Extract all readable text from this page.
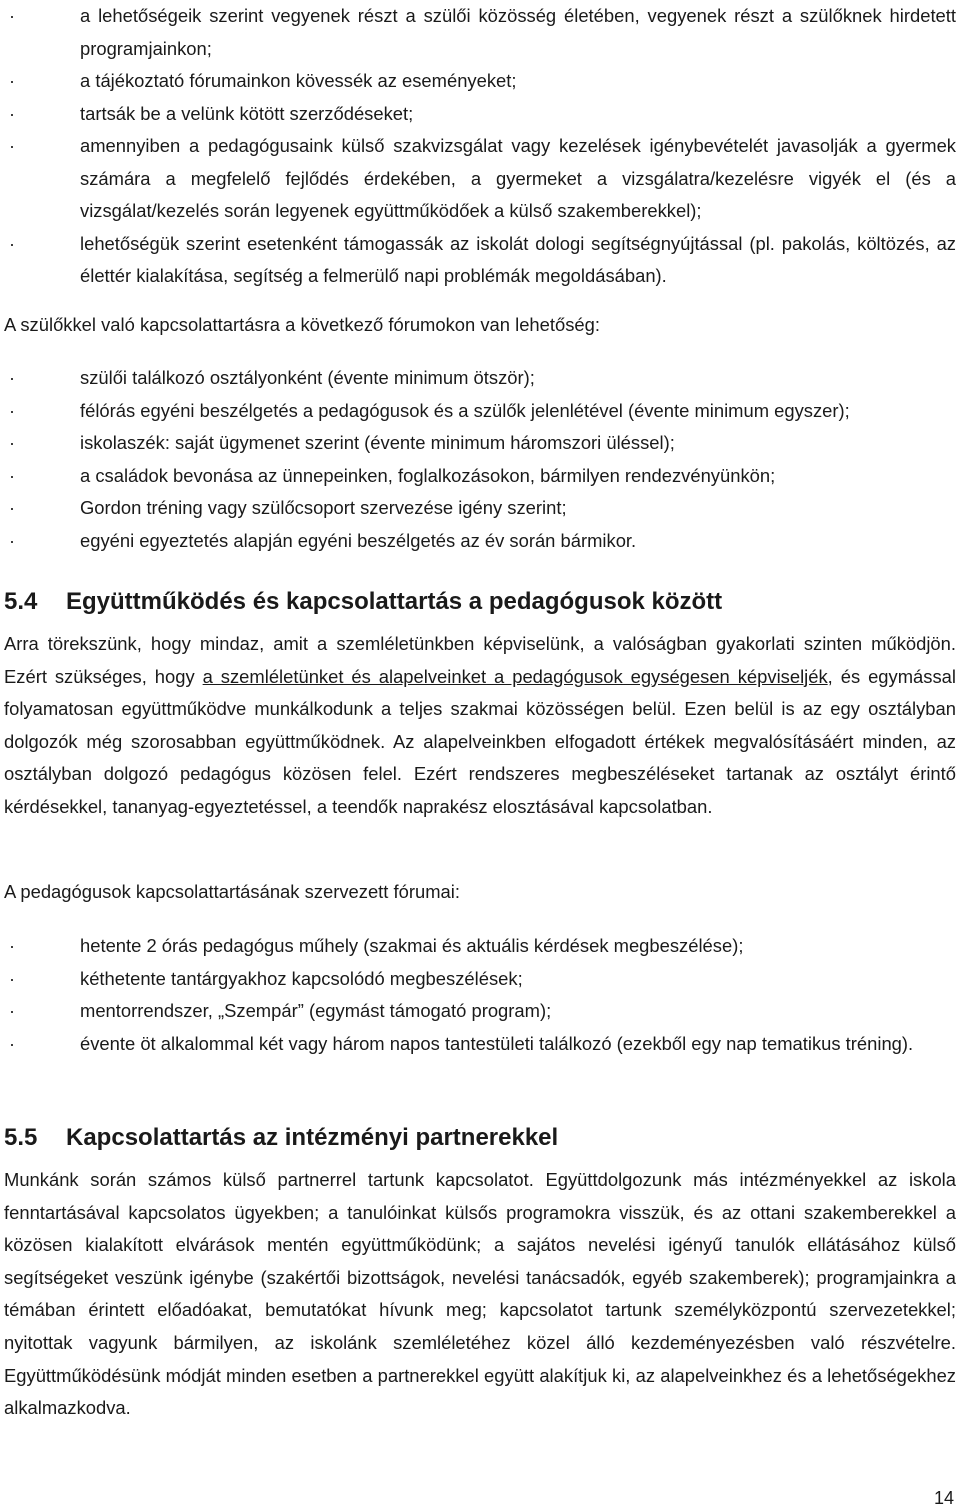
·	a lehetőségeik szerint vegyenek részt a szülői közösség életében, vegyenek részt a szülőknek hirdetett programjainkon;
·	a tájékoztató fórumainkon kövessék az eseményeket;
·	tartsák be a velünk kötött szerződéseket;
·	amennyiben a pedagógusaink külső szakvizsgálat vagy kezelések igénybevételét javasolják a gyermek számára a megfelelő fejlődés érdekében, a gyermeket a vizsgálatra/kezelésre vigyék el (és a vizsgálat/kezelés során legyenek együttműködőek a külső szakemberekkel);
·	lehetőségük szerint esetenként támogassák az iskolát dologi segítségnyújtással (pl. pakolás, költözés, az élettér kialakítása, segítség a felmerülő napi problémák megoldásában).

A szülőkkel való kapcsolattartásra a következő fórumokon van lehetőség:

·	szülői találkozó osztályonként (évente minimum ötször);
·	félórás egyéni beszélgetés a pedagógusok és a szülők jelenlétével (évente minimum egyszer);
·	iskolaszék: saját ügymenet szerint (évente minimum háromszori üléssel);
·	a családok bevonása az ünnepeinken, foglalkozásokon, bármilyen rendezvényünkön;
·	Gordon tréning vagy szülőcsoport szervezése igény szerint;
·	egyéni egyeztetés alapján egyéni beszélgetés az év során bármikor.
5.4 Együttműködés és kapcsolattartás a pedagógusok között

Arra törekszünk, hogy mindaz, amit a szemléletünkben képviselünk, a valóságban gyakorlati szinten működjön. Ezért szükséges, hogy a szemléletünket és alapelveinket a pedagógusok egységesen képviseljék, és egymással folyamatosan együttműködve munkálkodunk a teljes szakmai közösségen belül. Ezen belül is az egy osztályban dolgozók még szorosabban együttműködnek. Az alapelveinkben elfogadott értékek megvalósításáért minden, az osztályban dolgozó pedagógus közösen felel. Ezért rendszeres megbeszéléseket tartanak az osztályt érintő kérdésekkel, tananyag-egyeztetéssel, a teendők naprakész elosztásával kapcsolatban.

A pedagógusok kapcsolattartásának szervezett fórumai:

·	hetente 2 órás pedagógus műhely (szakmai és aktuális kérdések megbeszélése);
·	kéthetente tantárgyakhoz kapcsolódó megbeszélések;
·	mentorrendszer, „Szempár” (egymást támogató program);
·	évente öt alkalommal két vagy három napos tantestületi találkozó (ezekből egy nap tematikus tréning).
5.5 Kapcsolattartás az intézményi partnerekkel

Munkánk során számos külső partnerrel tartunk kapcsolatot. Együttdolgozunk más intézményekkel az iskola fenntartásával kapcsolatos ügyekben; a tanulóinkat külsős programokra visszük, és az ottani szakemberekkel a közösen kialakított elvárások mentén együttműködünk; a sajátos nevelési igényű tanulók ellátásához külső segítségeket veszünk igénybe (szakértői bizottságok, nevelési tanácsadók, egyéb szakemberek); programjainkra a témában érintett előadóakat, bemutatókat hívunk meg; kapcsolatot tartunk személyközpontú szervezetekkel; nyitottak vagyunk bármilyen, az iskolánk szemléletéhez közel álló kezdeményezésben való részvételre. Együttműködésünk módját minden esetben a partnerekkel együtt alakítjuk ki, az alapelveinkhez és a lehetőségekhez alkalmazkodva.

14
